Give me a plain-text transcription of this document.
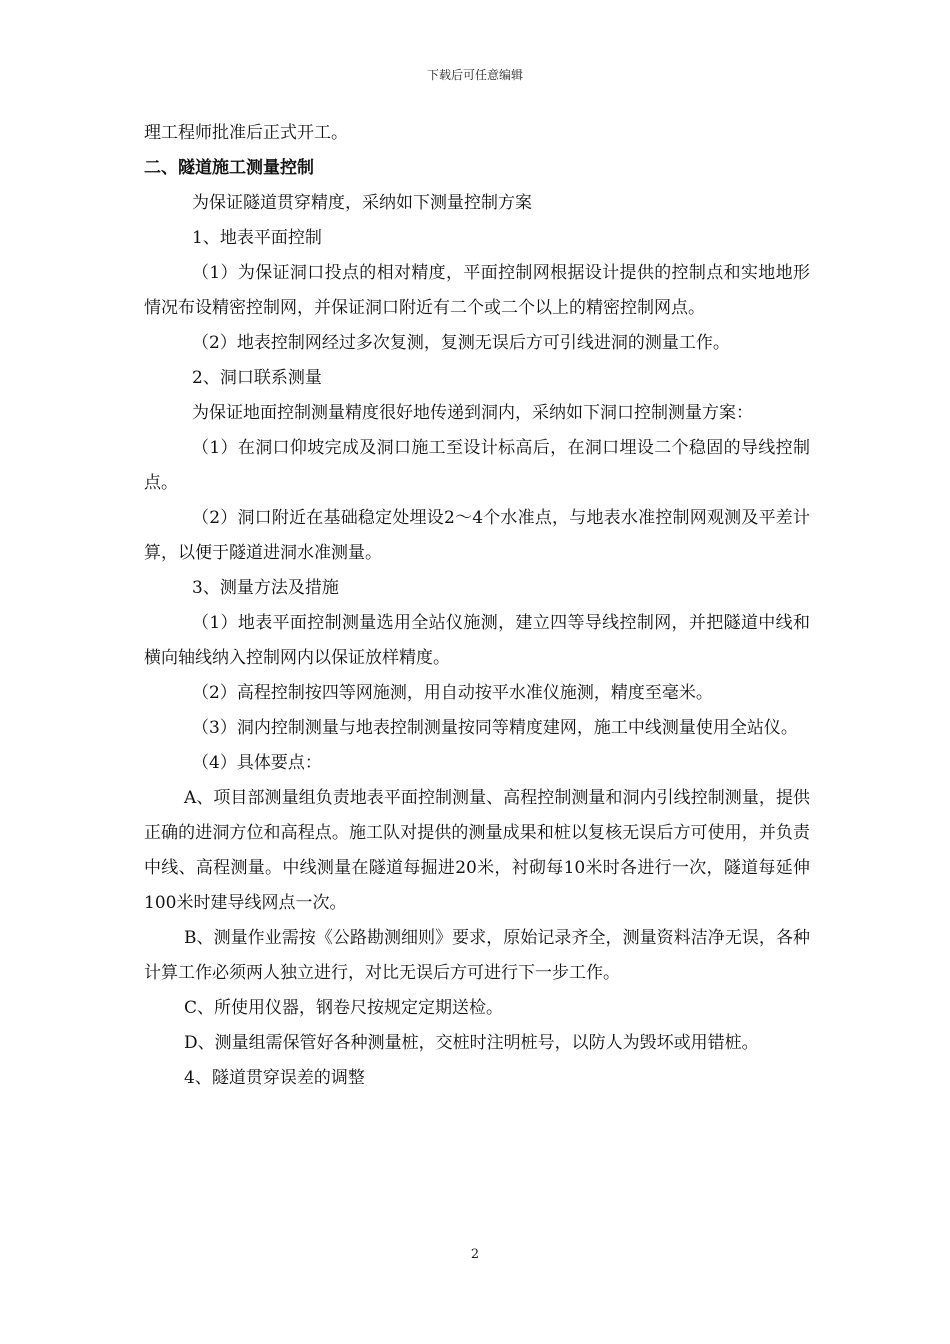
下载后可任意编辑

理工程师批准后正式开工。

二、隧道施工测量控制

为保证隧道贯穿精度，采纳如下测量控制方案

1、地表平面控制

（1）为保证洞口投点的相对精度，平面控制网根据设计提供的控制点和实地地形情况布设精密控制网，并保证洞口附近有二个或二个以上的精密控制网点。

（2）地表控制网经过多次复测，复测无误后方可引线进洞的测量工作。

2、洞口联系测量

为保证地面控制测量精度很好地传递到洞内，采纳如下洞口控制测量方案：

（1）在洞口仰坡完成及洞口施工至设计标高后，在洞口埋设二个稳固的导线控制点。

（2）洞口附近在基础稳定处埋设2～4个水准点，与地表水准控制网观测及平差计算，以便于隧道进洞水准测量。

3、测量方法及措施

（1）地表平面控制测量选用全站仪施测，建立四等导线控制网，并把隧道中线和横向轴线纳入控制网内以保证放样精度。

（2）高程控制按四等网施测，用自动按平水准仪施测，精度至毫米。

（3）洞内控制测量与地表控制测量按同等精度建网，施工中线测量使用全站仪。

（4）具体要点：

A、项目部测量组负责地表平面控制测量、高程控制测量和洞内引线控制测量，提供正确的进洞方位和高程点。施工队对提供的测量成果和桩以复核无误后方可使用，并负责中线、高程测量。中线测量在隧道每掘进20米，衬砌每10米时各进行一次，隧道每延伸100米时建导线网点一次。

B、测量作业需按《公路勘测细则》要求，原始记录齐全，测量资料洁净无误，各种计算工作必须两人独立进行，对比无误后方可进行下一步工作。

C、所使用仪器，钢卷尺按规定定期送检。

D、测量组需保管好各种测量桩，交桩时注明桩号，以防人为毁坏或用错桩。

4、隧道贯穿误差的调整

2
